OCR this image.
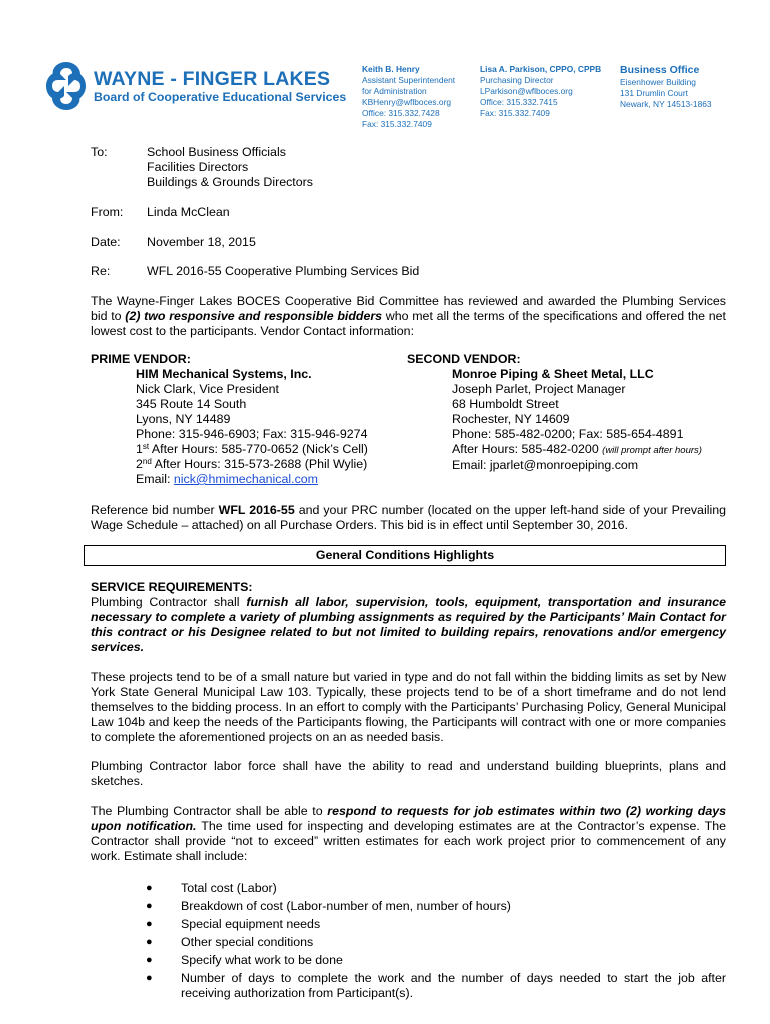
WAYNE - FINGER LAKES
Board of Cooperative Educational Services
Keith B. Henry
Assistant Superintendent
for Administration
KBHenry@wflboces.org
Office: 315.332.7428
Fax: 315.332.7409
Lisa A. Parkison, CPPO, CPPB
Purchasing Director
LParkison@wflboces.org
Office: 315.332.7415
Fax: 315.332.7409
Business Office
Eisenhower Building
131 Drumlin Court
Newark, NY 14513-1863
To:	School Business Officials
Facilities Directors
Buildings & Grounds Directors
From:	Linda McClean
Date:	November 18, 2015
Re:	WFL 2016-55 Cooperative Plumbing Services Bid
The Wayne-Finger Lakes BOCES Cooperative Bid Committee has reviewed and awarded the Plumbing Services bid to (2) two responsive and responsible bidders who met all the terms of the specifications and offered the net lowest cost to the participants. Vendor Contact information:
PRIME VENDOR:
HIM Mechanical Systems, Inc.
Nick Clark, Vice President
345 Route 14 South
Lyons, NY 14489
Phone: 315-946-6903; Fax: 315-946-9274
1st After Hours: 585-770-0652 (Nick’s Cell)
2nd After Hours: 315-573-2688 (Phil Wylie)
Email: nick@hmimechanical.com
SECOND VENDOR:
Monroe Piping & Sheet Metal, LLC
Joseph Parlet, Project Manager
68 Humboldt Street
Rochester, NY 14609
Phone: 585-482-0200; Fax: 585-654-4891
After Hours: 585-482-0200 (will prompt after hours)
Email: jparlet@monroepiping.com
Reference bid number WFL 2016-55 and your PRC number (located on the upper left-hand side of your Prevailing Wage Schedule – attached) on all Purchase Orders. This bid is in effect until September 30, 2016.
General Conditions Highlights
SERVICE REQUIREMENTS:
Plumbing Contractor shall furnish all labor, supervision, tools, equipment, transportation and insurance necessary to complete a variety of plumbing assignments as required by the Participants’ Main Contact for this contract or his Designee related to but not limited to building repairs, renovations and/or emergency services.
These projects tend to be of a small nature but varied in type and do not fall within the bidding limits as set by New York State General Municipal Law 103. Typically, these projects tend to be of a short timeframe and do not lend themselves to the bidding process. In an effort to comply with the Participants’ Purchasing Policy, General Municipal Law 104b and keep the needs of the Participants flowing, the Participants will contract with one or more companies to complete the aforementioned projects on an as needed basis.
Plumbing Contractor labor force shall have the ability to read and understand building blueprints, plans and sketches.
The Plumbing Contractor shall be able to respond to requests for job estimates within two (2) working days upon notification. The time used for inspecting and developing estimates are at the Contractor’s expense. The Contractor shall provide “not to exceed” written estimates for each work project prior to commencement of any work. Estimate shall include:
●	Total cost (Labor)
●	Breakdown of cost (Labor-number of men, number of hours)
●	Special equipment needs
●	Other special conditions
●	Specify what work to be done
●	Number of days to complete the work and the number of days needed to start the job after receiving authorization from Participant(s).
